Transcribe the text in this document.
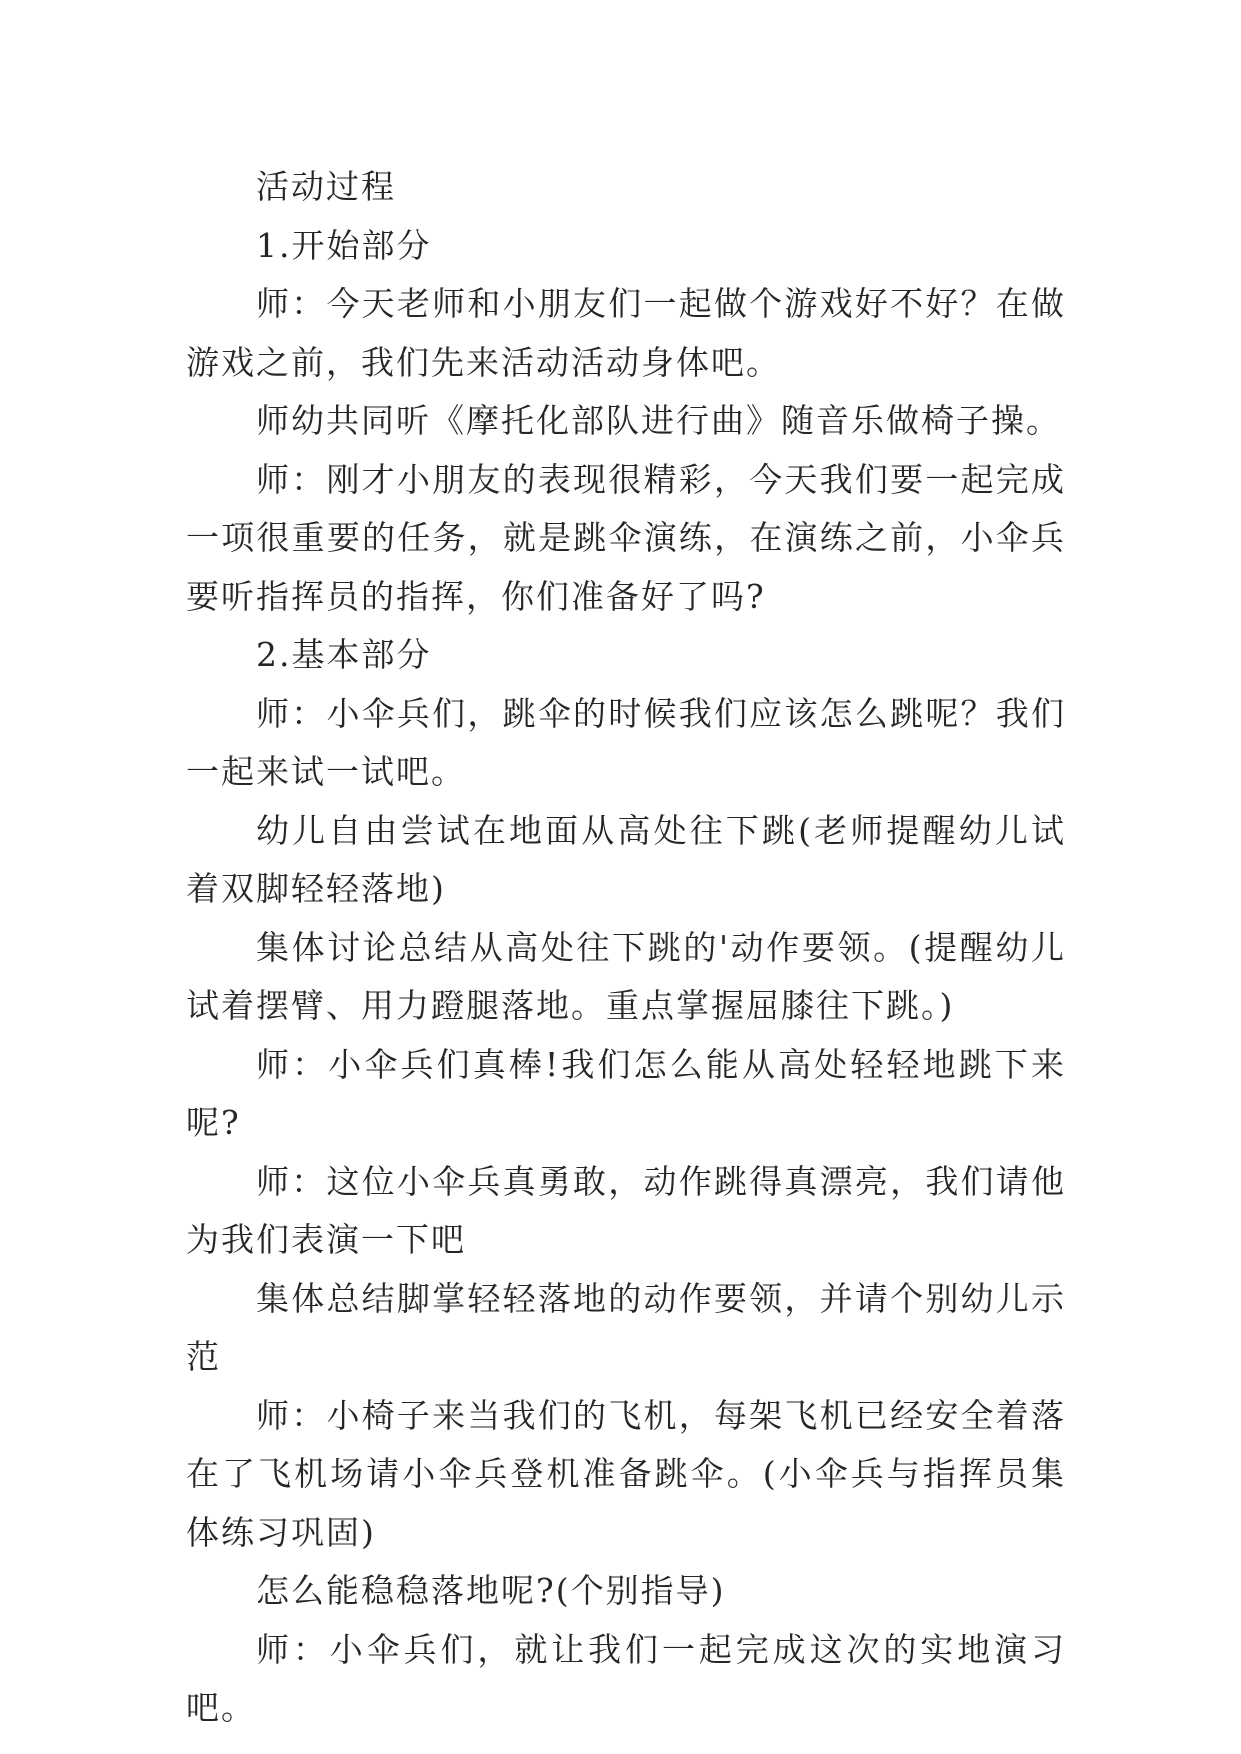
活动过程

1.开始部分

师：今天老师和小朋友们一起做个游戏好不好？在做游戏之前，我们先来活动活动身体吧。

师幼共同听《摩托化部队进行曲》随音乐做椅子操。

师：刚才小朋友的表现很精彩，今天我们要一起完成一项很重要的任务，就是跳伞演练，在演练之前，小伞兵要听指挥员的指挥，你们准备好了吗?

2.基本部分

师：小伞兵们，跳伞的时候我们应该怎么跳呢？我们一起来试一试吧。

幼儿自由尝试在地面从高处往下跳(老师提醒幼儿试着双脚轻轻落地)

集体讨论总结从高处往下跳的'动作要领。(提醒幼儿试着摆臂、用力蹬腿落地。重点掌握屈膝往下跳。)

师：小伞兵们真棒!我们怎么能从高处轻轻地跳下来呢?

师：这位小伞兵真勇敢，动作跳得真漂亮，我们请他为我们表演一下吧

集体总结脚掌轻轻落地的动作要领，并请个别幼儿示范

师：小椅子来当我们的飞机，每架飞机已经安全着落在了飞机场请小伞兵登机准备跳伞。(小伞兵与指挥员集体练习巩固)

怎么能稳稳落地呢?(个别指导)

师：小伞兵们，就让我们一起完成这次的实地演习吧。
